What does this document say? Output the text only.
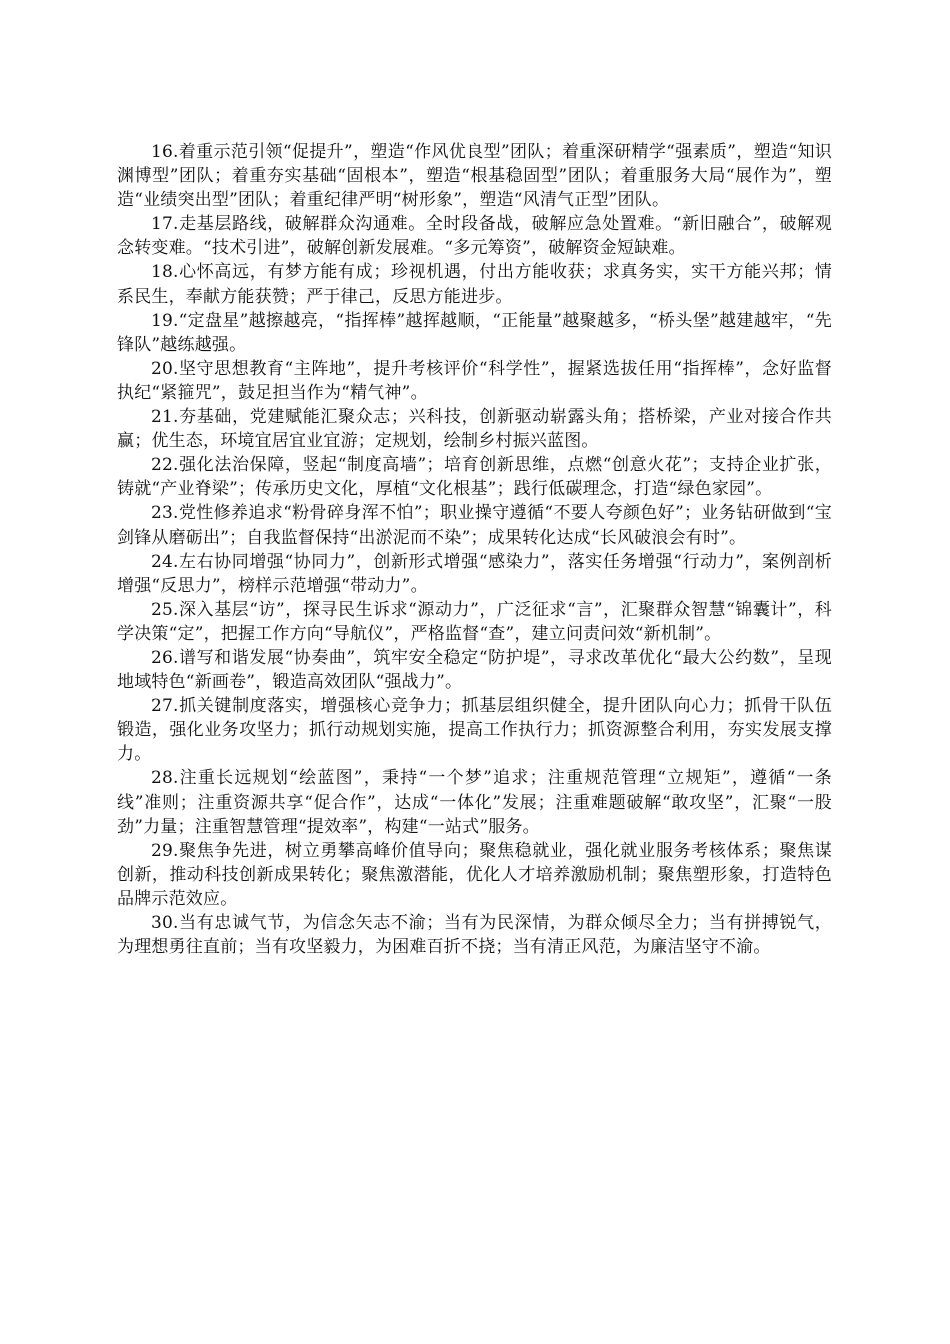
16.着重示范引领“促提升”，塑造“作风优良型”团队；着重深研精学“强素质”，塑造“知识渊博型”团队；着重夯实基础“固根本”，塑造“根基稳固型”团队；着重服务大局“展作为”，塑造“业绩突出型”团队；着重纪律严明“树形象”，塑造“风清气正型”团队。

17.走基层路线，破解群众沟通难。全时段备战，破解应急处置难。“新旧融合”，破解观念转变难。“技术引进”，破解创新发展难。“多元筹资”，破解资金短缺难。

18.心怀高远，有梦方能有成；珍视机遇，付出方能收获；求真务实，实干方能兴邦；情系民生，奉献方能获赞；严于律己，反思方能进步。

19.“定盘星”越擦越亮，“指挥棒”越挥越顺，“正能量”越聚越多，“桥头堡”越建越牢，“先锋队”越练越强。

20.坚守思想教育“主阵地”，提升考核评价“科学性”，握紧选拔任用“指挥棒”，念好监督执纪“紧箍咒”，鼓足担当作为“精气神”。

21.夯基础，党建赋能汇聚众志；兴科技，创新驱动崭露头角；搭桥梁，产业对接合作共赢；优生态，环境宜居宜业宜游；定规划，绘制乡村振兴蓝图。

22.强化法治保障，竖起“制度高墙”；培育创新思维，点燃“创意火花”；支持企业扩张，铸就“产业脊梁”；传承历史文化，厚植“文化根基”；践行低碳理念，打造“绿色家园”。

23.党性修养追求“粉骨碎身浑不怕”；职业操守遵循“不要人夸颜色好”；业务钻研做到“宝剑锋从磨砺出”；自我监督保持“出淤泥而不染”；成果转化达成“长风破浪会有时”。

24.左右协同增强“协同力”，创新形式增强“感染力”，落实任务增强“行动力”，案例剖析增强“反思力”，榜样示范增强“带动力”。

25.深入基层“访”，探寻民生诉求“源动力”，广泛征求“言”，汇聚群众智慧“锦囊计”，科学决策“定”，把握工作方向“导航仪”，严格监督“查”，建立问责问效“新机制”。

26.谱写和谐发展“协奏曲”，筑牢安全稳定“防护堤”，寻求改革优化“最大公约数”，呈现地域特色“新画卷”，锻造高效团队“强战力”。

27.抓关键制度落实，增强核心竞争力；抓基层组织健全，提升团队向心力；抓骨干队伍锻造，强化业务攻坚力；抓行动规划实施，提高工作执行力；抓资源整合利用，夯实发展支撑力。

28.注重长远规划“绘蓝图”，秉持“一个梦”追求；注重规范管理“立规矩”，遵循“一条线”准则；注重资源共享“促合作”，达成“一体化”发展；注重难题破解“敢攻坚”，汇聚“一股劲”力量；注重智慧管理“提效率”，构建“一站式”服务。

29.聚焦争先进，树立勇攀高峰价值导向；聚焦稳就业，强化就业服务考核体系；聚焦谋创新，推动科技创新成果转化；聚焦激潜能，优化人才培养激励机制；聚焦塑形象，打造特色品牌示范效应。

30.当有忠诚气节，为信念矢志不渝；当有为民深情，为群众倾尽全力；当有拼搏锐气，为理想勇往直前；当有攻坚毅力，为困难百折不挠；当有清正风范，为廉洁坚守不渝。
